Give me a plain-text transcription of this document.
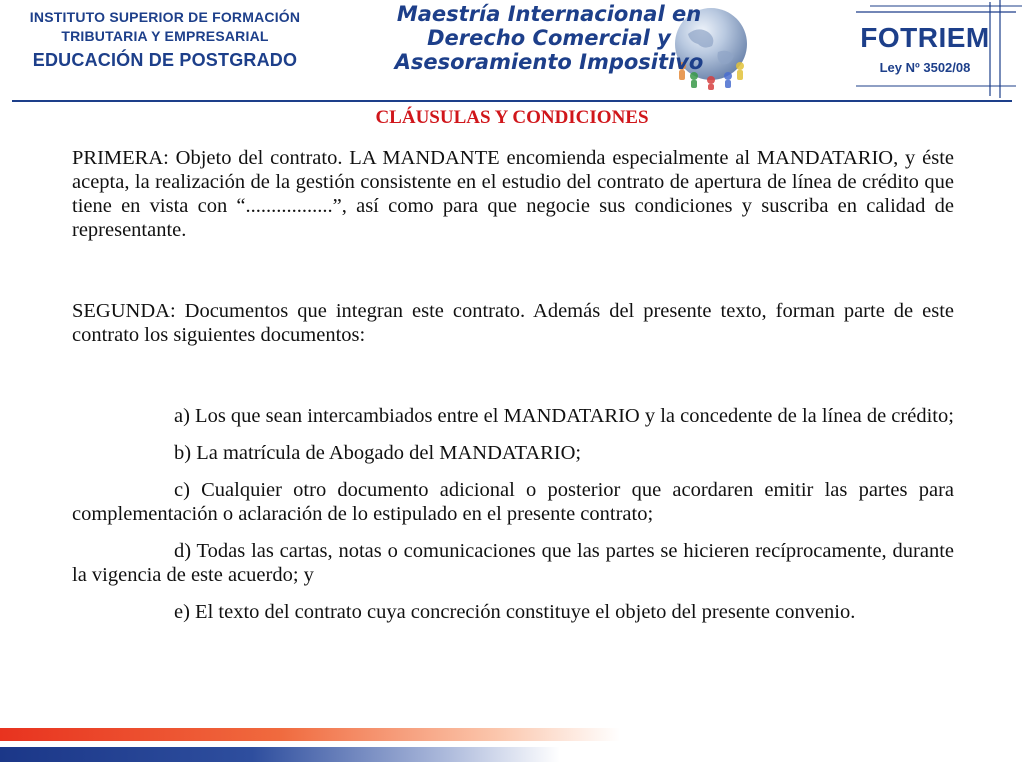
INSTITUTO SUPERIOR DE FORMACIÓN
TRIBUTARIA Y EMPRESARIAL
EDUCACIÓN DE POSTGRADO
Maestría Internacional en
Derecho Comercial y
Asesoramiento Impositivo
FOTRIEM
Ley Nº 3502/08
CLÁUSULAS Y CONDICIONES

PRIMERA: Objeto del contrato. LA MANDANTE encomienda especialmente al MANDATARIO, y éste acepta, la realización de la gestión consistente en el estudio del contrato de apertura de línea de crédito que tiene en vista con “.................”, así como para que negocie sus condiciones y suscriba en calidad de representante.

SEGUNDA: Documentos que integran este contrato. Además del presente texto, forman parte de este contrato los siguientes documentos:

a) Los que sean intercambiados entre el MANDATARIO y la concedente de la línea de crédito;

b) La matrícula de Abogado del MANDATARIO;

c) Cualquier otro documento adicional o posterior que acordaren emitir las partes para complementación o aclaración de lo estipulado en el presente contrato;

d) Todas las cartas, notas o comunicaciones que las partes se hicieren recíprocamente, durante la vigencia de este acuerdo; y

e) El texto del contrato cuya concreción constituye el objeto del presente convenio.
